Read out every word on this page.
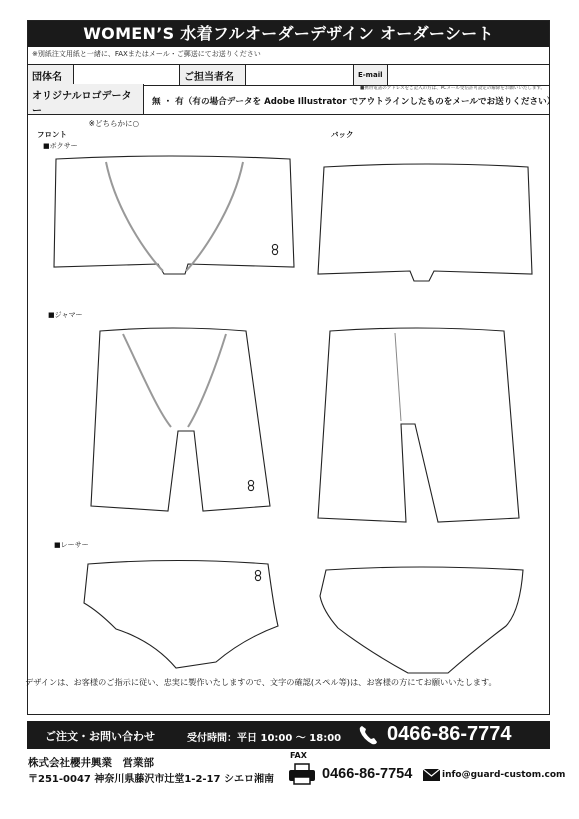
WOMEN’S 水着フルオーダーデザイン オーダーシート
※別紙注文用紙と一緒に、FAXまたはメール・ご郵送にてお送りください
団体名	ご担当者名	E-mail
オリジナルロゴデーター
※どちらかに○
■携帯電話のアドレスをご記入の方は、PCメール受信許可設定の解除をお願いいたします。
無 ・ 有（有の場合データを Adobe Illustrator でアウトラインしたものをメールでお送りください）
フロント	バック
■ボクサー
■ジャマー
■レーサー
デザインは、お客様のご指示に従い、忠実に製作いたしますので、文字の確認(スペル等)は、お客様の方にてお願いいたします。
ご注文・お問い合わせ	受付時間：平日 10:00 ～ 18:00 0466-86-7774
株式会社櫻井興業　営業部
〒251-0047 神奈川県藤沢市辻堂1-2-17 シエロ湘南
FAX
0466-86-7754	info@guard-custom.com
